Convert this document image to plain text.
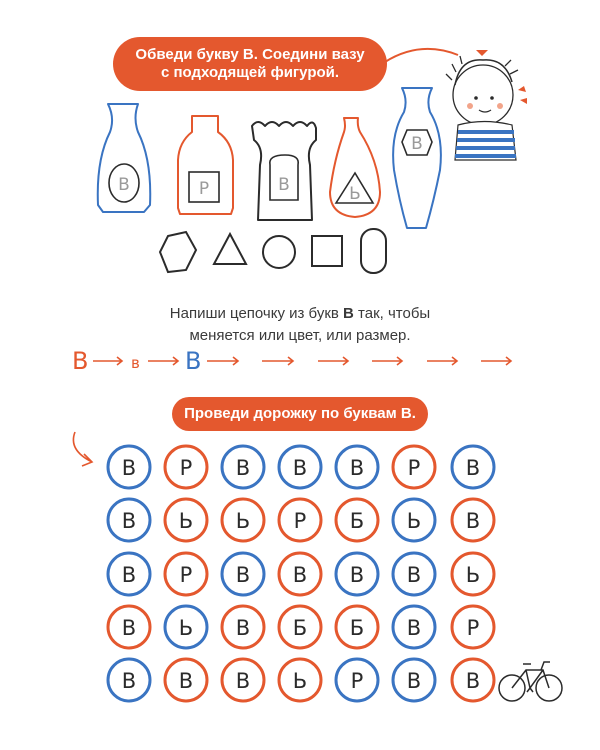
Обведи букву В. Соедини вазу
с подходящей фигурой.
Напиши цепочку из букв В так, чтобы
меняется или цвет, или размер.
Проведи дорожку по буквам В.
В	Р	В	Ь
В
В	в В
В Р В В В Р В
В Ь Ь Р Б Ь В
В Р В В В В Ь
В Ь В Б Б В Р
В В В Ь Р В В
